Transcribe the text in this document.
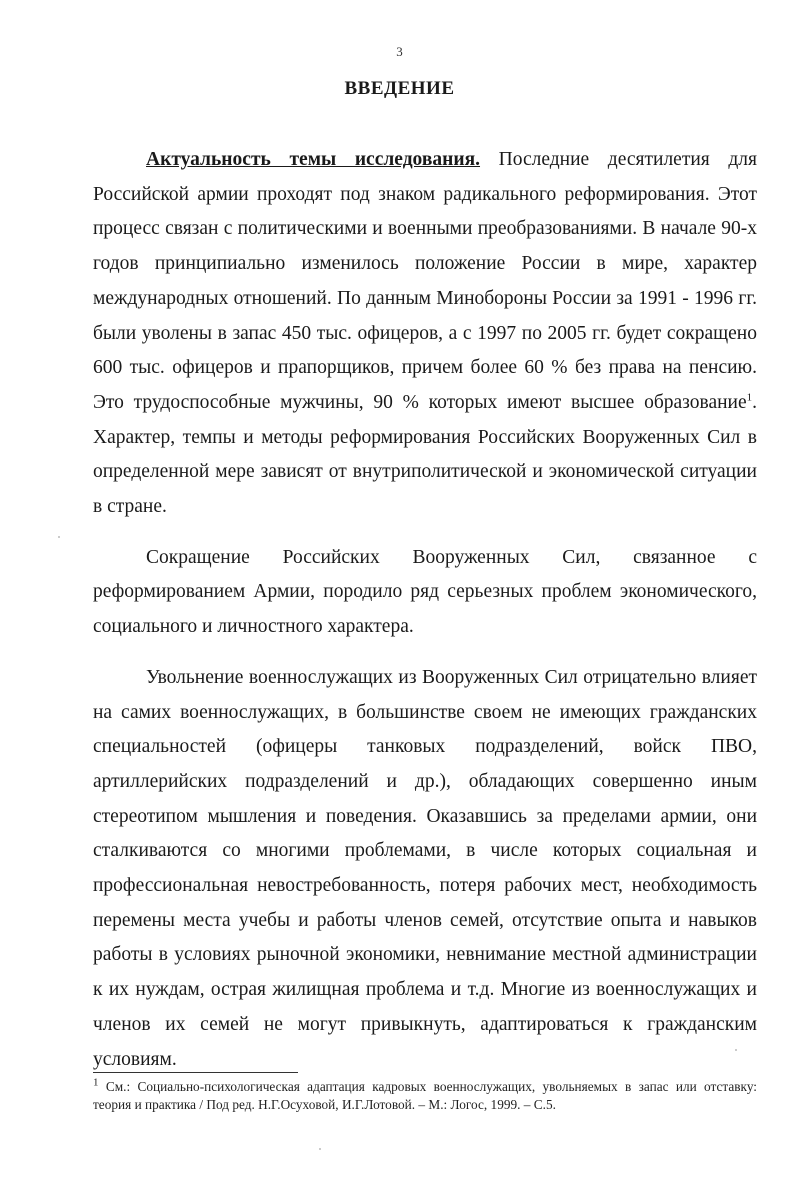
3
ВВЕДЕНИЕ

Актуальность темы исследования. Последние десятилетия для Российской армии проходят под знаком радикального реформирования. Этот процесс связан с политическими и военными преобразованиями. В начале 90-х годов принципиально изменилось положение России в мире, характер международных отношений. По данным Минобороны России за 1991 - 1996 гг. были уволены в запас 450 тыс. офицеров, а с 1997 по 2005 гг. будет сокращено 600 тыс. офицеров и прапорщиков, причем более 60 % без права на пенсию. Это трудоспособные мужчины, 90 % которых имеют высшее образование$^1$. Характер, темпы и методы реформирования Российских Вооруженных Сил в определенной мере зависят от внутриполитической и экономической ситуации в стране.

Сокращение Российских Вооруженных Сил, связанное с реформированием Армии, породило ряд серьезных проблем экономического, социального и личностного характера.

Увольнение военнослужащих из Вооруженных Сил отрицательно влияет на самих военнослужащих, в большинстве своем не имеющих гражданских специальностей (офицеры танковых подразделений, войск ПВО, артиллерийских подразделений и др.), обладающих совершенно иным стереотипом мышления и поведения. Оказавшись за пределами армии, они сталкиваются со многими проблемами, в числе которых социальная и профессиональная невостребованность, потеря рабочих мест, необходимость перемены места учебы и работы членов семей, отсутствие опыта и навыков работы в условиях рыночной экономики, невнимание местной администрации к их нуждам, острая жилищная проблема и т.д. Многие из военнослужащих и членов их семей не могут привыкнуть, адаптироваться к гражданским условиям.

$^1$ См.: Социально-психологическая адаптация кадровых военнослужащих, увольняемых в запас или отставку: теория и практика / Под ред. Н.Г.Осуховой, И.Г.Лотовой. – М.: Логос, 1999. – С.5.
